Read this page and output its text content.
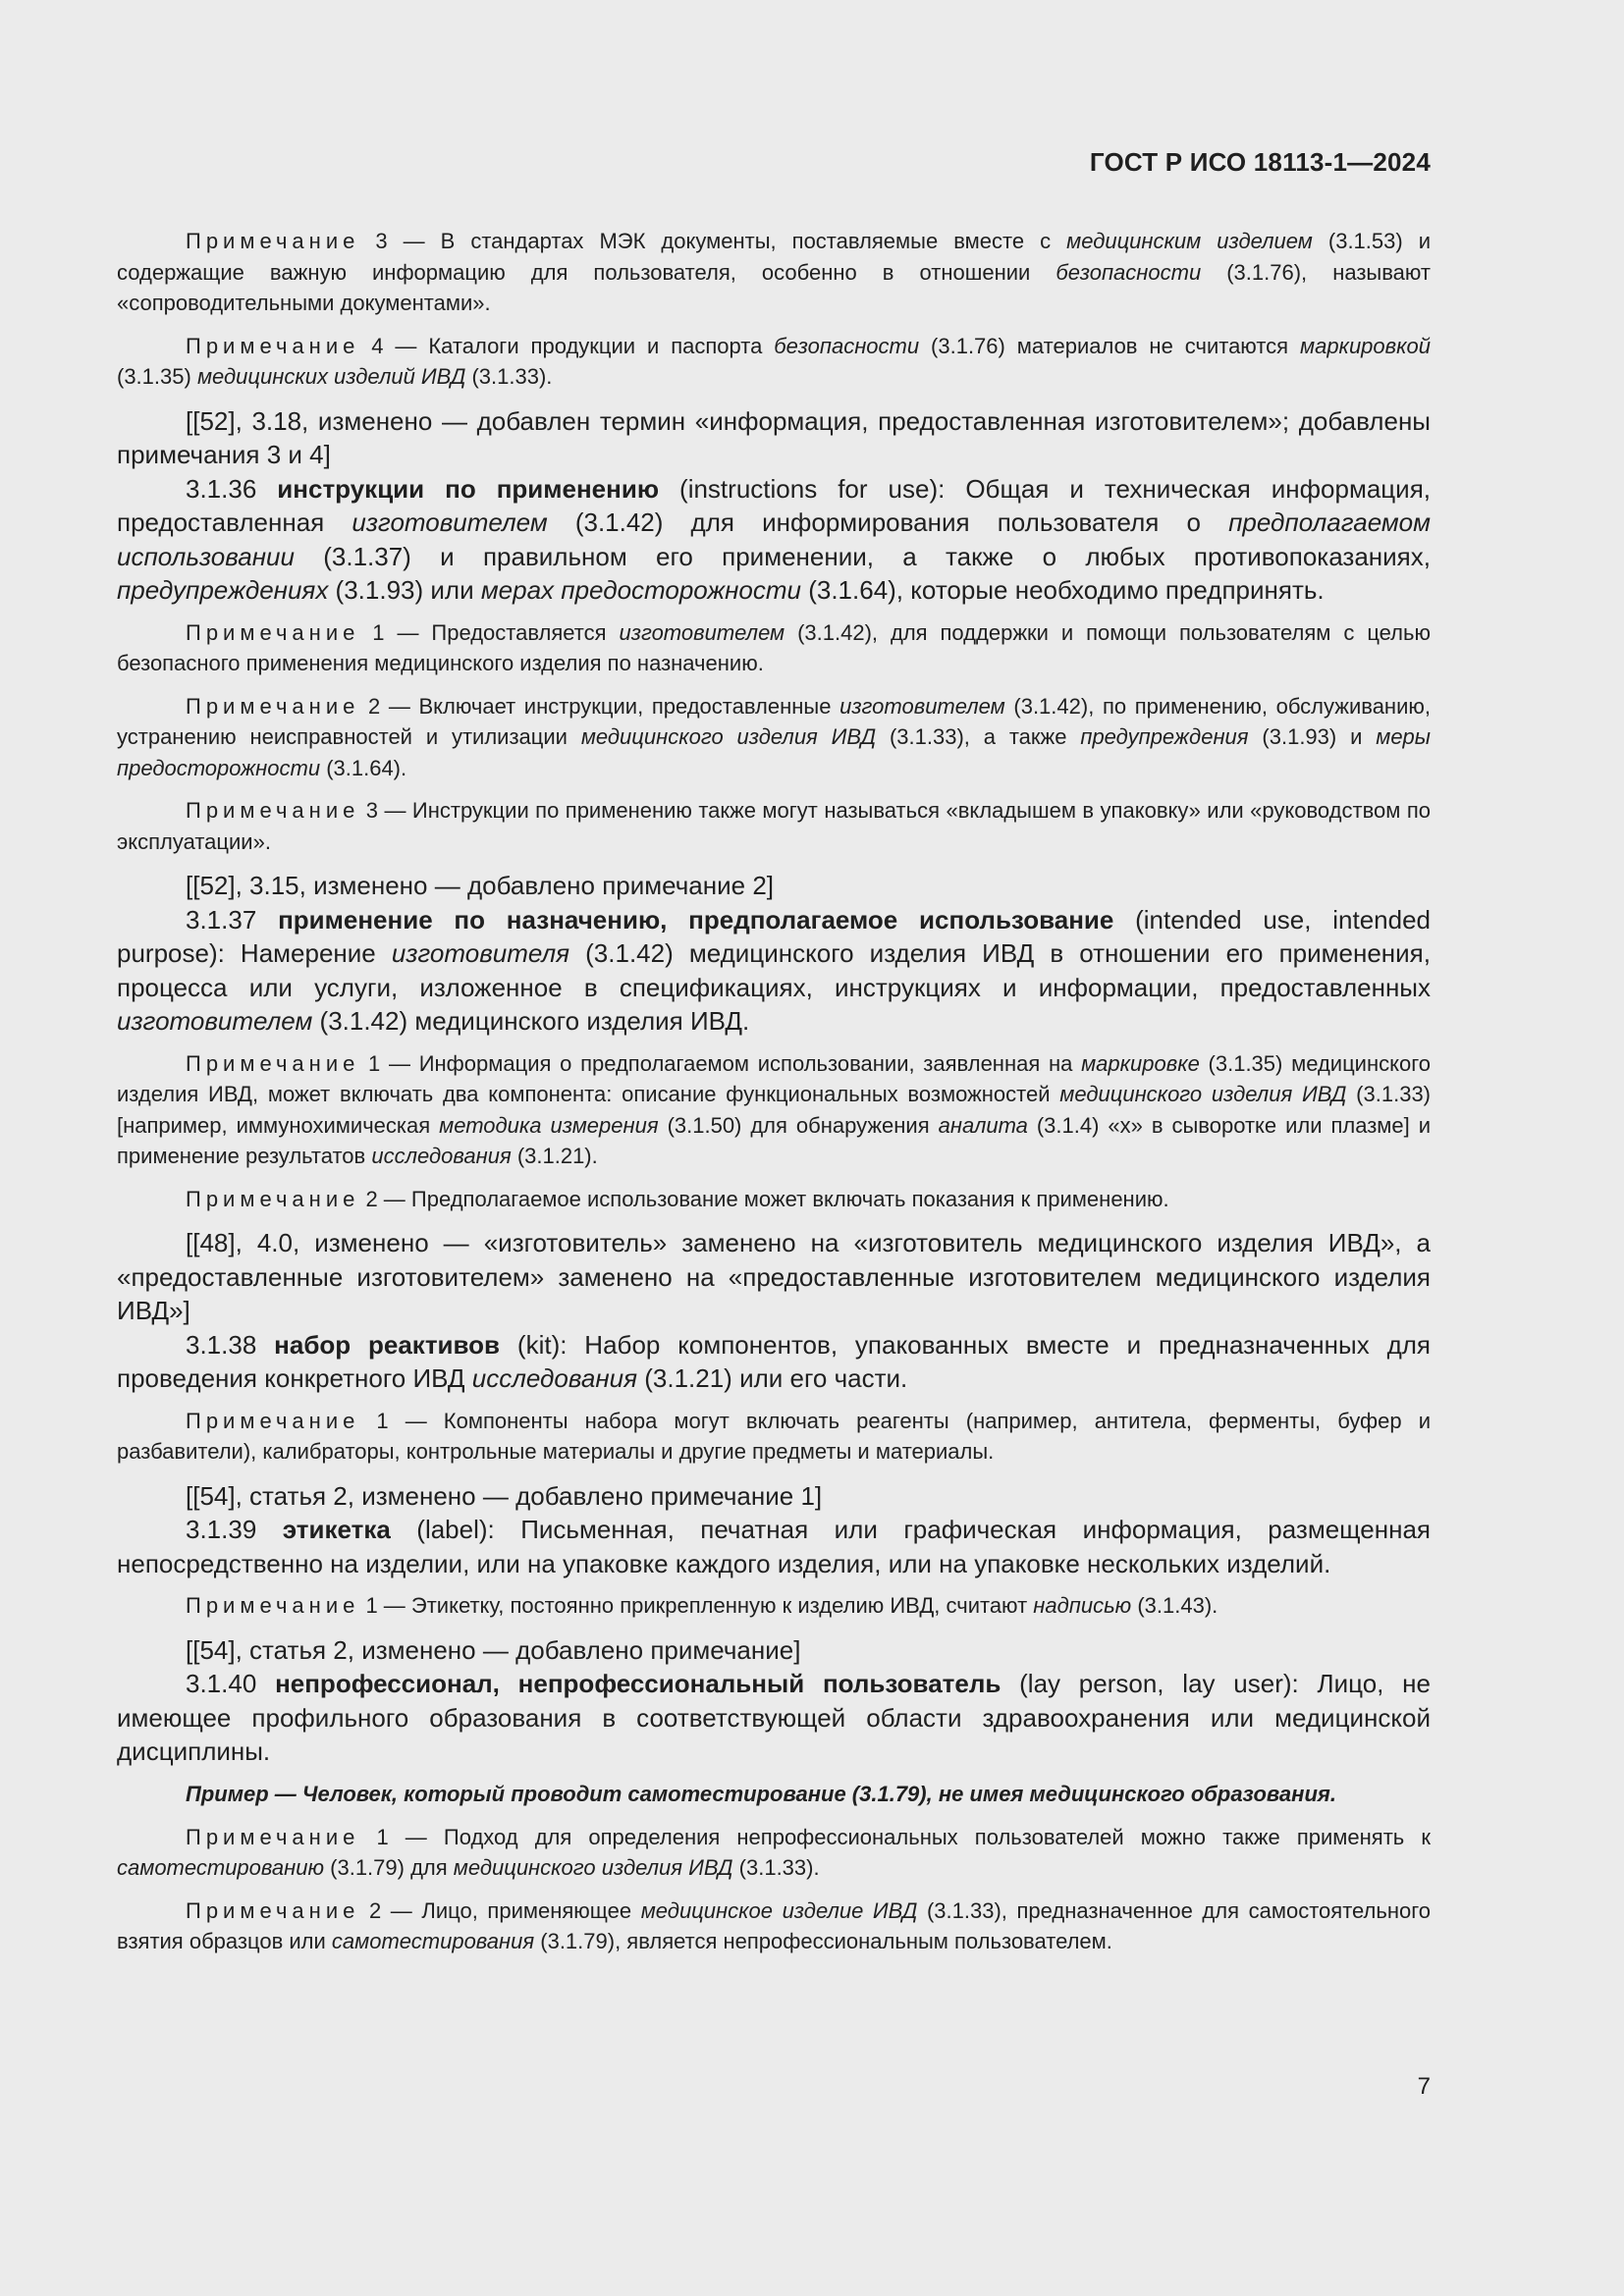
ГОСТ Р ИСО 18113-1—2024

Примечание 3 — В стандартах МЭК документы, поставляемые вместе с медицинским изделием (3.1.53) и содержащие важную информацию для пользователя, особенно в отношении безопасности (3.1.76), называют «сопроводительными документами».

Примечание 4 — Каталоги продукции и паспорта безопасности (3.1.76) материалов не считаются маркировкой (3.1.35) медицинских изделий ИВД (3.1.33).

[[52], 3.18, изменено — добавлен термин «информация, предоставленная изготовителем»; добавлены примечания 3 и 4]

3.1.36 инструкции по применению (instructions for use): Общая и техническая информация, предоставленная изготовителем (3.1.42) для информирования пользователя о предполагаемом использовании (3.1.37) и правильном его применении, а также о любых противопоказаниях, предупреждениях (3.1.93) или мерах предосторожности (3.1.64), которые необходимо предпринять.

Примечание 1 — Предоставляется изготовителем (3.1.42), для поддержки и помощи пользователям с целью безопасного применения медицинского изделия по назначению.

Примечание 2 — Включает инструкции, предоставленные изготовителем (3.1.42), по применению, обслуживанию, устранению неисправностей и утилизации медицинского изделия ИВД (3.1.33), а также предупреждения (3.1.93) и меры предосторожности (3.1.64).

Примечание 3 — Инструкции по применению также могут называться «вкладышем в упаковку» или «руководством по эксплуатации».

[[52], 3.15, изменено — добавлено примечание 2]

3.1.37 применение по назначению, предполагаемое использование (intended use, intended purpose): Намерение изготовителя (3.1.42) медицинского изделия ИВД в отношении его применения, процесса или услуги, изложенное в спецификациях, инструкциях и информации, предоставленных изготовителем (3.1.42) медицинского изделия ИВД.

Примечание 1 — Информация о предполагаемом использовании, заявленная на маркировке (3.1.35) медицинского изделия ИВД, может включать два компонента: описание функциональных возможностей медицинского изделия ИВД (3.1.33) [например, иммунохимическая методика измерения (3.1.50) для обнаружения аналита (3.1.4) «x» в сыворотке или плазме] и применение результатов исследования (3.1.21).

Примечание 2 — Предполагаемое использование может включать показания к применению.

[[48], 4.0, изменено — «изготовитель» заменено на «изготовитель медицинского изделия ИВД», а «предоставленные изготовителем» заменено на «предоставленные изготовителем медицинского изделия ИВД»]

3.1.38 набор реактивов (kit): Набор компонентов, упакованных вместе и предназначенных для проведения конкретного ИВД исследования (3.1.21) или его части.

Примечание 1 — Компоненты набора могут включать реагенты (например, антитела, ферменты, буфер и разбавители), калибраторы, контрольные материалы и другие предметы и материалы.

[[54], статья 2, изменено — добавлено примечание 1]

3.1.39 этикетка (label): Письменная, печатная или графическая информация, размещенная непосредственно на изделии, или на упаковке каждого изделия, или на упаковке нескольких изделий.

Примечание 1 — Этикетку, постоянно прикрепленную к изделию ИВД, считают надписью (3.1.43).

[[54], статья 2, изменено — добавлено примечание]

3.1.40 непрофессионал, непрофессиональный пользователь (lay person, lay user): Лицо, не имеющее профильного образования в соответствующей области здравоохранения или медицинской дисциплины.

Пример — Человек, который проводит самотестирование (3.1.79), не имея медицинского образования.

Примечание 1 — Подход для определения непрофессиональных пользователей можно также применять к самотестированию (3.1.79) для медицинского изделия ИВД (3.1.33).

Примечание 2 — Лицо, применяющее медицинское изделие ИВД (3.1.33), предназначенное для самостоятельного взятия образцов или самотестирования (3.1.79), является непрофессиональным пользователем.

7
